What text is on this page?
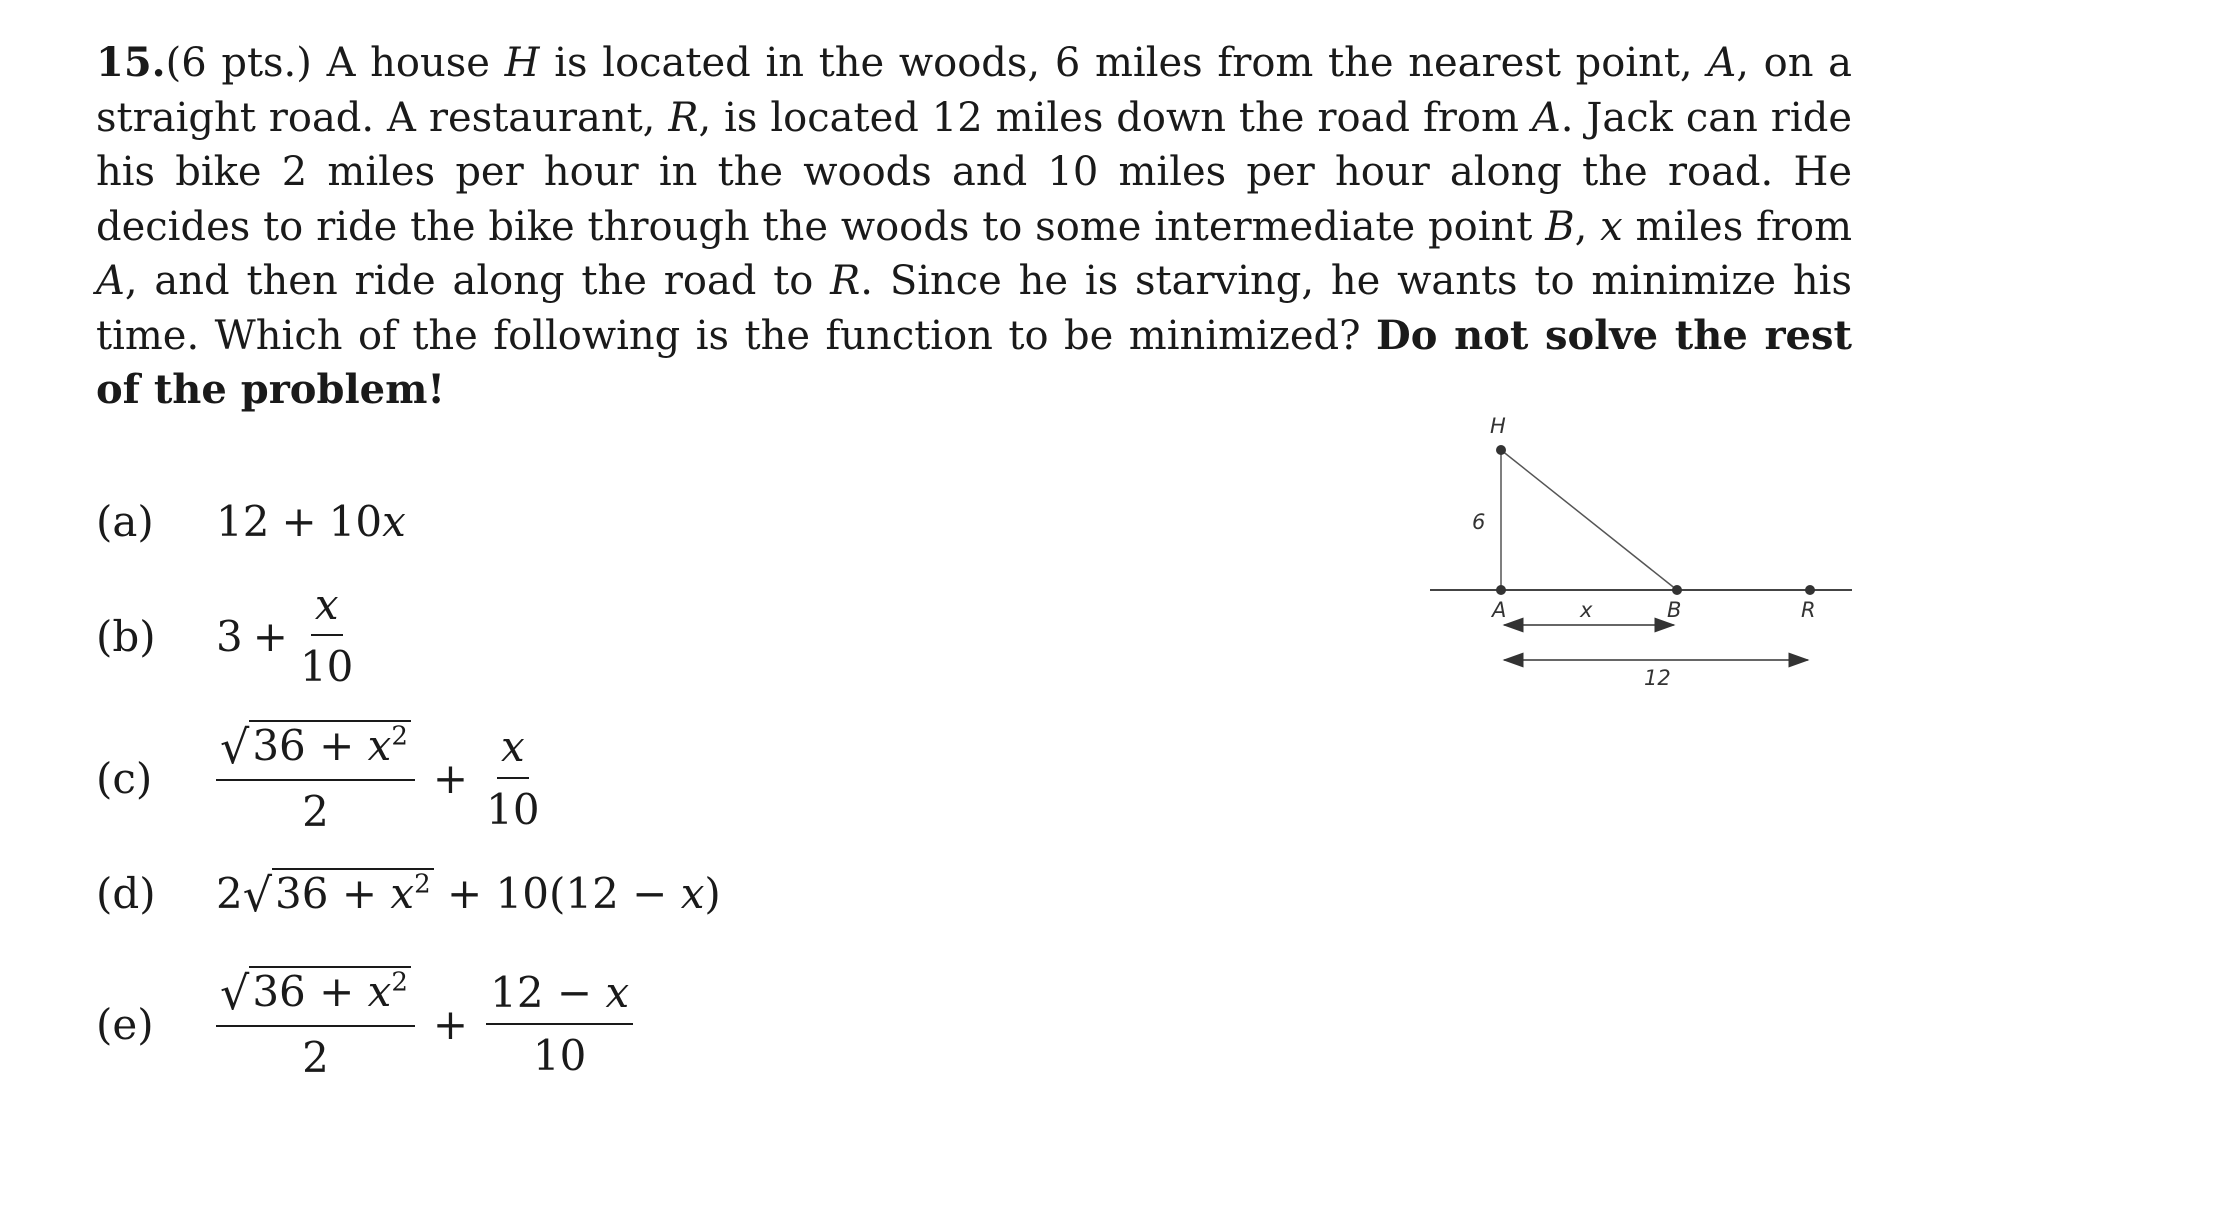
15.(6 pts.) A house H is located in the woods, 6 miles from the nearest point, A, on a straight road. A restaurant, R, is located 12 miles down the road from A. Jack can ride his bike 2 miles per hour in the woods and 10 miles per hour along the road. He decides to ride the bike through the woods to some intermediate point B, x miles from A, and then ride along the road to R. Since he is starving, he wants to minimize his time. Which of the following is the function to be minimized? Do not solve the rest of the problem!
(a)	12 + 10 x
(b)	$3 + \frac{x}{10}$
(c)	$\frac{√ 36 + x^2}{2} + \frac{x}{10}$
(d)	2 √ $36 + x^2 + 10(12 - x$ )
(e)	$\frac{√ 36 + x^2}{2} + \frac{12 - x}{10}$
H
6
A	x	B	R
12
